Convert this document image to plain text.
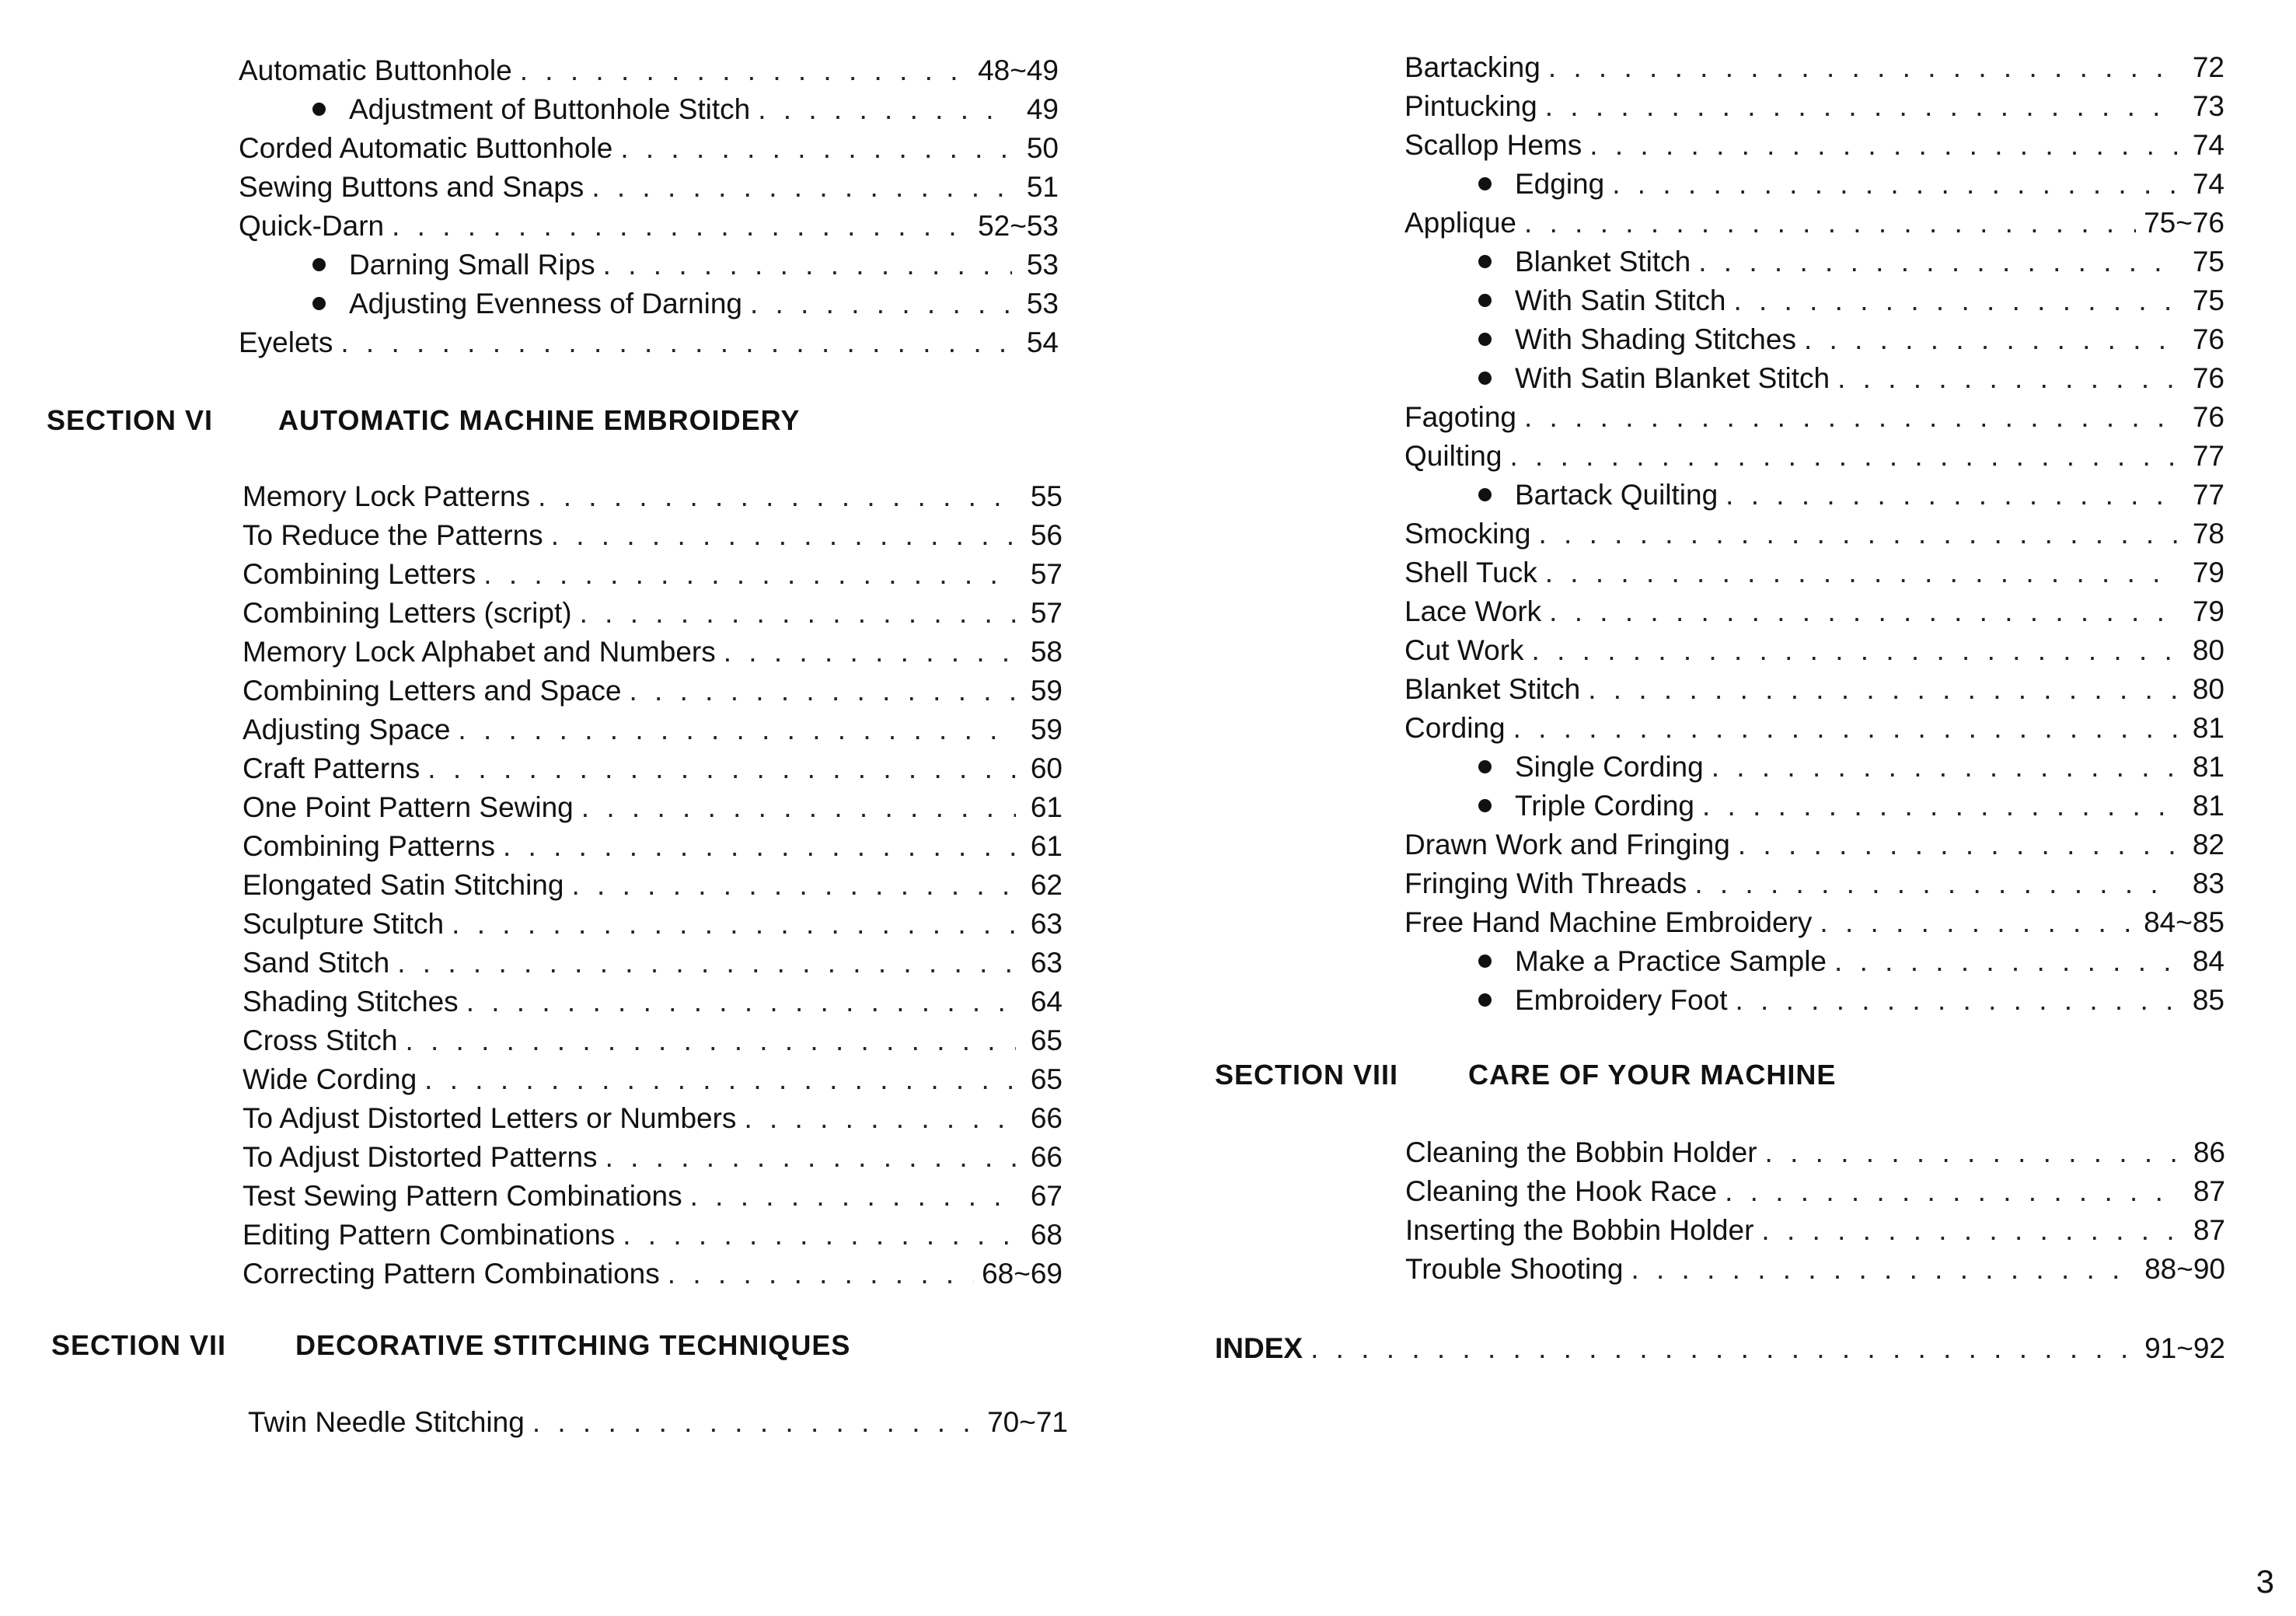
Automatic Buttonhole . . .	48~49
Adjustment of Buttonhole Stitch . . .	49
Corded Automatic Buttonhole . . .	50
Sewing Buttons and Snaps . . .	51
Quick-Darn . . .	52~53
Darning Small Rips . . .	53
Adjusting Evenness of Darning . . .	53
Eyelets . . .	54
SECTION VI AUTOMATIC MACHINE EMBROIDERY
Memory Lock Patterns . . .	55
To Reduce the Patterns . . .	56
Combining Letters . . .	57
Combining Letters (script) . . .	57
Memory Lock Alphabet and Numbers . . .	58
Combining Letters and Space . . .	59
Adjusting Space . . .	59
Craft Patterns . . .	60
One Point Pattern Sewing . . .	61
Combining Patterns . . .	61
Elongated Satin Stitching . . .	62
Sculpture Stitch . . .	63
Sand Stitch . . .	63
Shading Stitches . . .	64
Cross Stitch . . .	65
Wide Cording . . .	65
To Adjust Distorted Letters or Numbers . . .	66
To Adjust Distorted Patterns . . .	66
Test Sewing Pattern Combinations . . .	67
Editing Pattern Combinations . . .	68
Correcting Pattern Combinations . . .	68~69
SECTION VII DECORATIVE STITCHING TECHNIQUES
Twin Needle Stitching . . .	70~71
Bartacking . . .	72
Pintucking . . .	73
Scallop Hems . . .	74
Edging . . .	74
Applique . . .	75~76
Blanket Stitch . . .	75
With Satin Stitch . . .	75
With Shading Stitches . . .	76
With Satin Blanket Stitch . . .	76
Fagoting . . .	76
Quilting . . .	77
Bartack Quilting . . .	77
Smocking . . .	78
Shell Tuck . . .	79
Lace Work . . .	79
Cut Work . . .	80
Blanket Stitch . . .	80
Cording . . .	81
Single Cording . . .	81
Triple Cording . . .	81
Drawn Work and Fringing . . .	82
Fringing With Threads . . .	83
Free Hand Machine Embroidery . . .	84~85
Make a Practice Sample . . .	84
Embroidery Foot . . .	85
SECTION VIII CARE OF YOUR MACHINE
Cleaning the Bobbin Holder . . .	86
Cleaning the Hook Race . . .	87
Inserting the Bobbin Holder . . .	87
Trouble Shooting . . .	88~90
INDEX . . .	91~92
3
